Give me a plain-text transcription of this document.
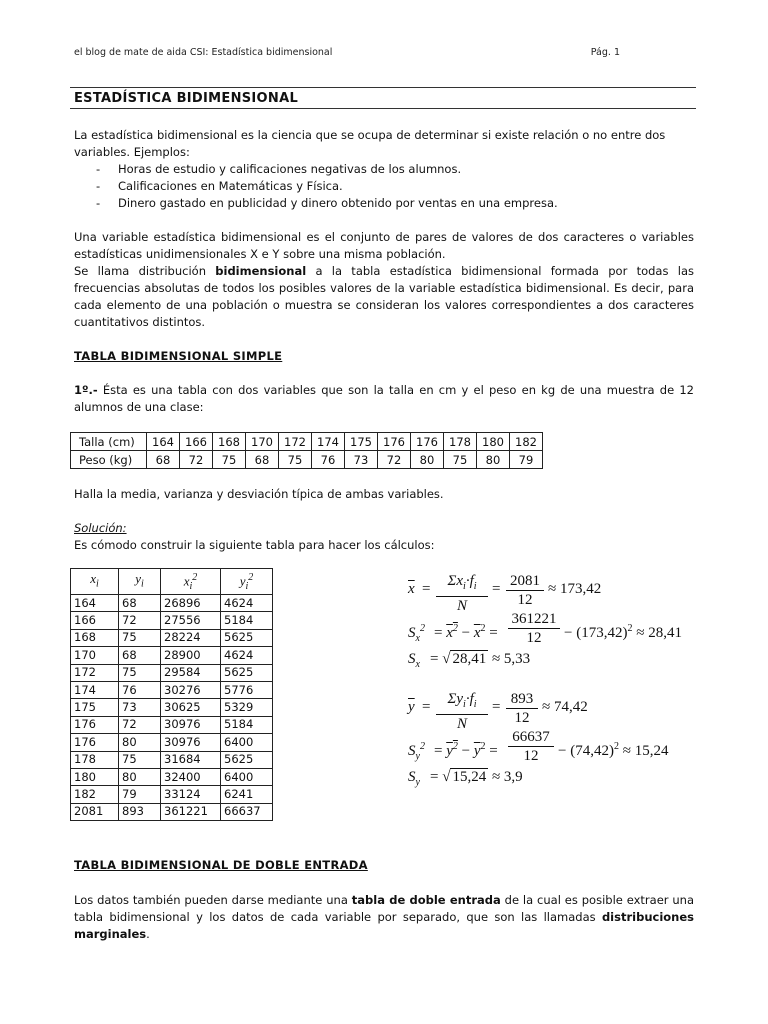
el blog de mate de aida CSI: Estadística bidimensional	Pág. 1
ESTADÍSTICA BIDIMENSIONAL
La estadística bidimensional es la ciencia que se ocupa de determinar si existe relación o no entre dos
variables. Ejemplos:
- Horas de estudio y calificaciones negativas de los alumnos.
- Calificaciones en Matemáticas y Física.
- Dinero gastado en publicidad y dinero obtenido por ventas en una empresa.
Una variable estadística bidimensional es el conjunto de pares de valores de dos caracteres o variables estadísticas unidimensionales X e Y sobre una misma población.
Se llama distribución bidimensional a la tabla estadística bidimensional formada por todas las frecuencias absolutas de todos los posibles valores de la variable estadística bidimensional. Es decir, para cada elemento de una población o muestra se consideran los valores correspondientes a dos caracteres cuantitativos distintos.
TABLA BIDIMENSIONAL SIMPLE
1º.- Ésta es una tabla con dos variables que son la talla en cm y el peso en kg de una muestra de 12 alumnos de una clase:
Talla (cm)	164	166	168	170	172	174	175	176	176	178	180	182
Peso (kg)	68	72	75	68	75	76	73	72	80	75	80	79
Halla la media, varianza y desviación típica de ambas variables.
Solución:
Es cómodo construir la siguiente tabla para hacer los cálculos:
$x_i$	$y_i$	$x_i^2$	$y_i^2$
164	68	26896	4624
166	72	27556	5184
168	75	28224	5625
170	68	28900	4624
172	75	29584	5625
174	76	30276	5776
175	73	30625	5329
176	72	30976	5184
176	80	30976	6400
178	75	31684	5625
180	80	32400	6400
182	79	33124	6241
2081	893	361221	66637
$\overline{x}$ =	$\Sigma x_i\cdot f_i$
N
= $\frac{2081}{12} \approx 173,42$
$S_x^2 = x^2 - \overline{x}^2 = \frac{361221}{12} - (173,42)^2 \approx 28,41$
$S_x$ = √ 28,41 ≈ 5,33
$\overline{y}$ =	$\Sigma y_i\cdot f_i$
N
= $\frac{893}{12} \approx 74,42$
$S_y^2 = y^2 - \overline{y}^2 = \frac{66637}{12} - (74,42)^2 \approx 15,24$
$S_y$ = √ 15,24 ≈ 3,9
TABLA BIDIMENSIONAL DE DOBLE ENTRADA
Los datos también pueden darse mediante una tabla de doble entrada de la cual es posible extraer una tabla bidimensional y los datos de cada variable por separado, que son las llamadas distribuciones marginales.
